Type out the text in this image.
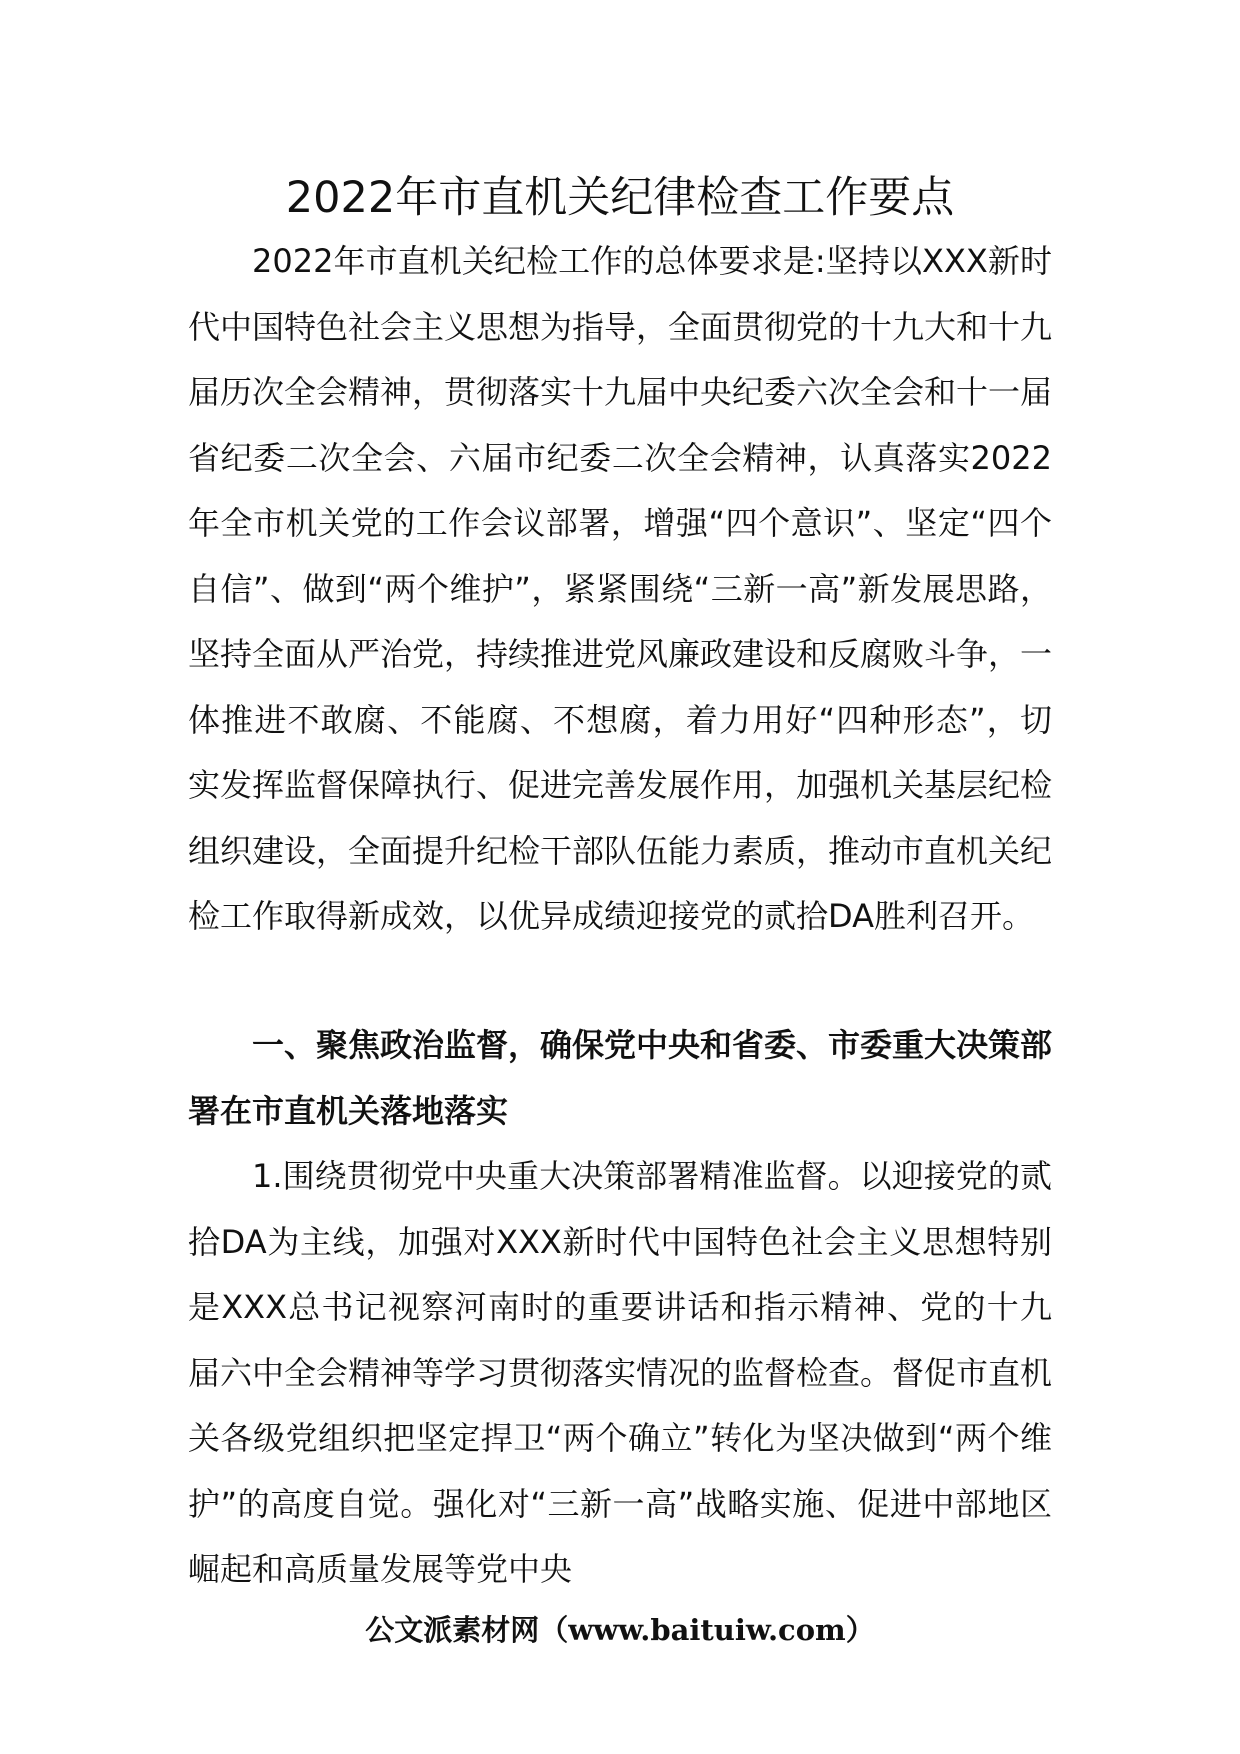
2022年市直机关纪律检查工作要点

2022年市直机关纪检工作的总体要求是:坚持以XXX新时代中国特色社会主义思想为指导，全面贯彻党的十九大和十九届历次全会精神，贯彻落实十九届中央纪委六次全会和十一届省纪委二次全会、六届市纪委二次全会精神，认真落实2022年全市机关党的工作会议部署，增强“四个意识”、坚定“四个自信”、做到“两个维护”，紧紧围绕“三新一高”新发展思路，坚持全面从严治党，持续推进党风廉政建设和反腐败斗争，一体推进不敢腐、不能腐、不想腐，着力用好“四种形态”，切实发挥监督保障执行、促进完善发展作用，加强机关基层纪检组织建设，全面提升纪检干部队伍能力素质，推动市直机关纪检工作取得新成效，以优异成绩迎接党的贰拾DA胜利召开。

一、聚焦政治监督，确保党中央和省委、市委重大决策部署在市直机关落地落实

1.围绕贯彻党中央重大决策部署精准监督。以迎接党的贰拾DA为主线，加强对XXX新时代中国特色社会主义思想特别是XXX总书记视察河南时的重要讲话和指示精神、党的十九届六中全会精神等学习贯彻落实情况的监督检查。督促市直机关各级党组织把坚定捍卫“两个确立”转化为坚决做到“两个维护”的高度自觉。强化对“三新一高”战略实施、促进中部地区崛起和高质量发展等党中央

公文派素材网（www.baituiw.com）
